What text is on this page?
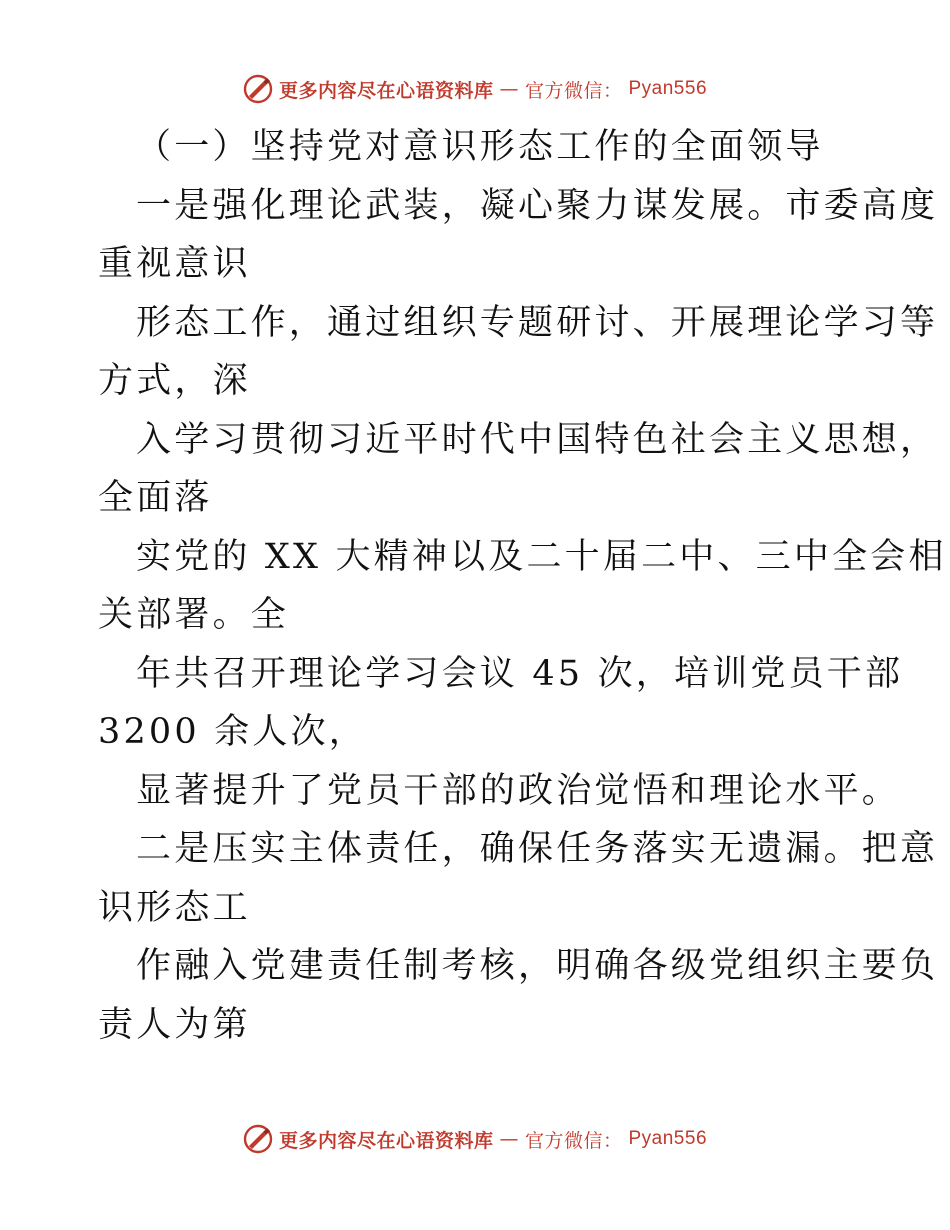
更多内容尽在心语资料库 — 官方微信： Pyan556
（一）坚持党对意识形态工作的全面领导
一是强化理论武装，凝心聚力谋发展。市委高度
重视意识
形态工作，通过组织专题研讨、开展理论学习等
方式，深
入学习贯彻习近平时代中国特色社会主义思想，
全面落
实党的 XX 大精神以及二十届二中、三中全会相
关部署。全
年共召开理论学习会议 45 次，培训党员干部
3200 余人次，
显著提升了党员干部的政治觉悟和理论水平。
二是压实主体责任，确保任务落实无遗漏。把意
识形态工
作融入党建责任制考核，明确各级党组织主要负
责人为第
更多内容尽在心语资料库 — 官方微信： Pyan556
